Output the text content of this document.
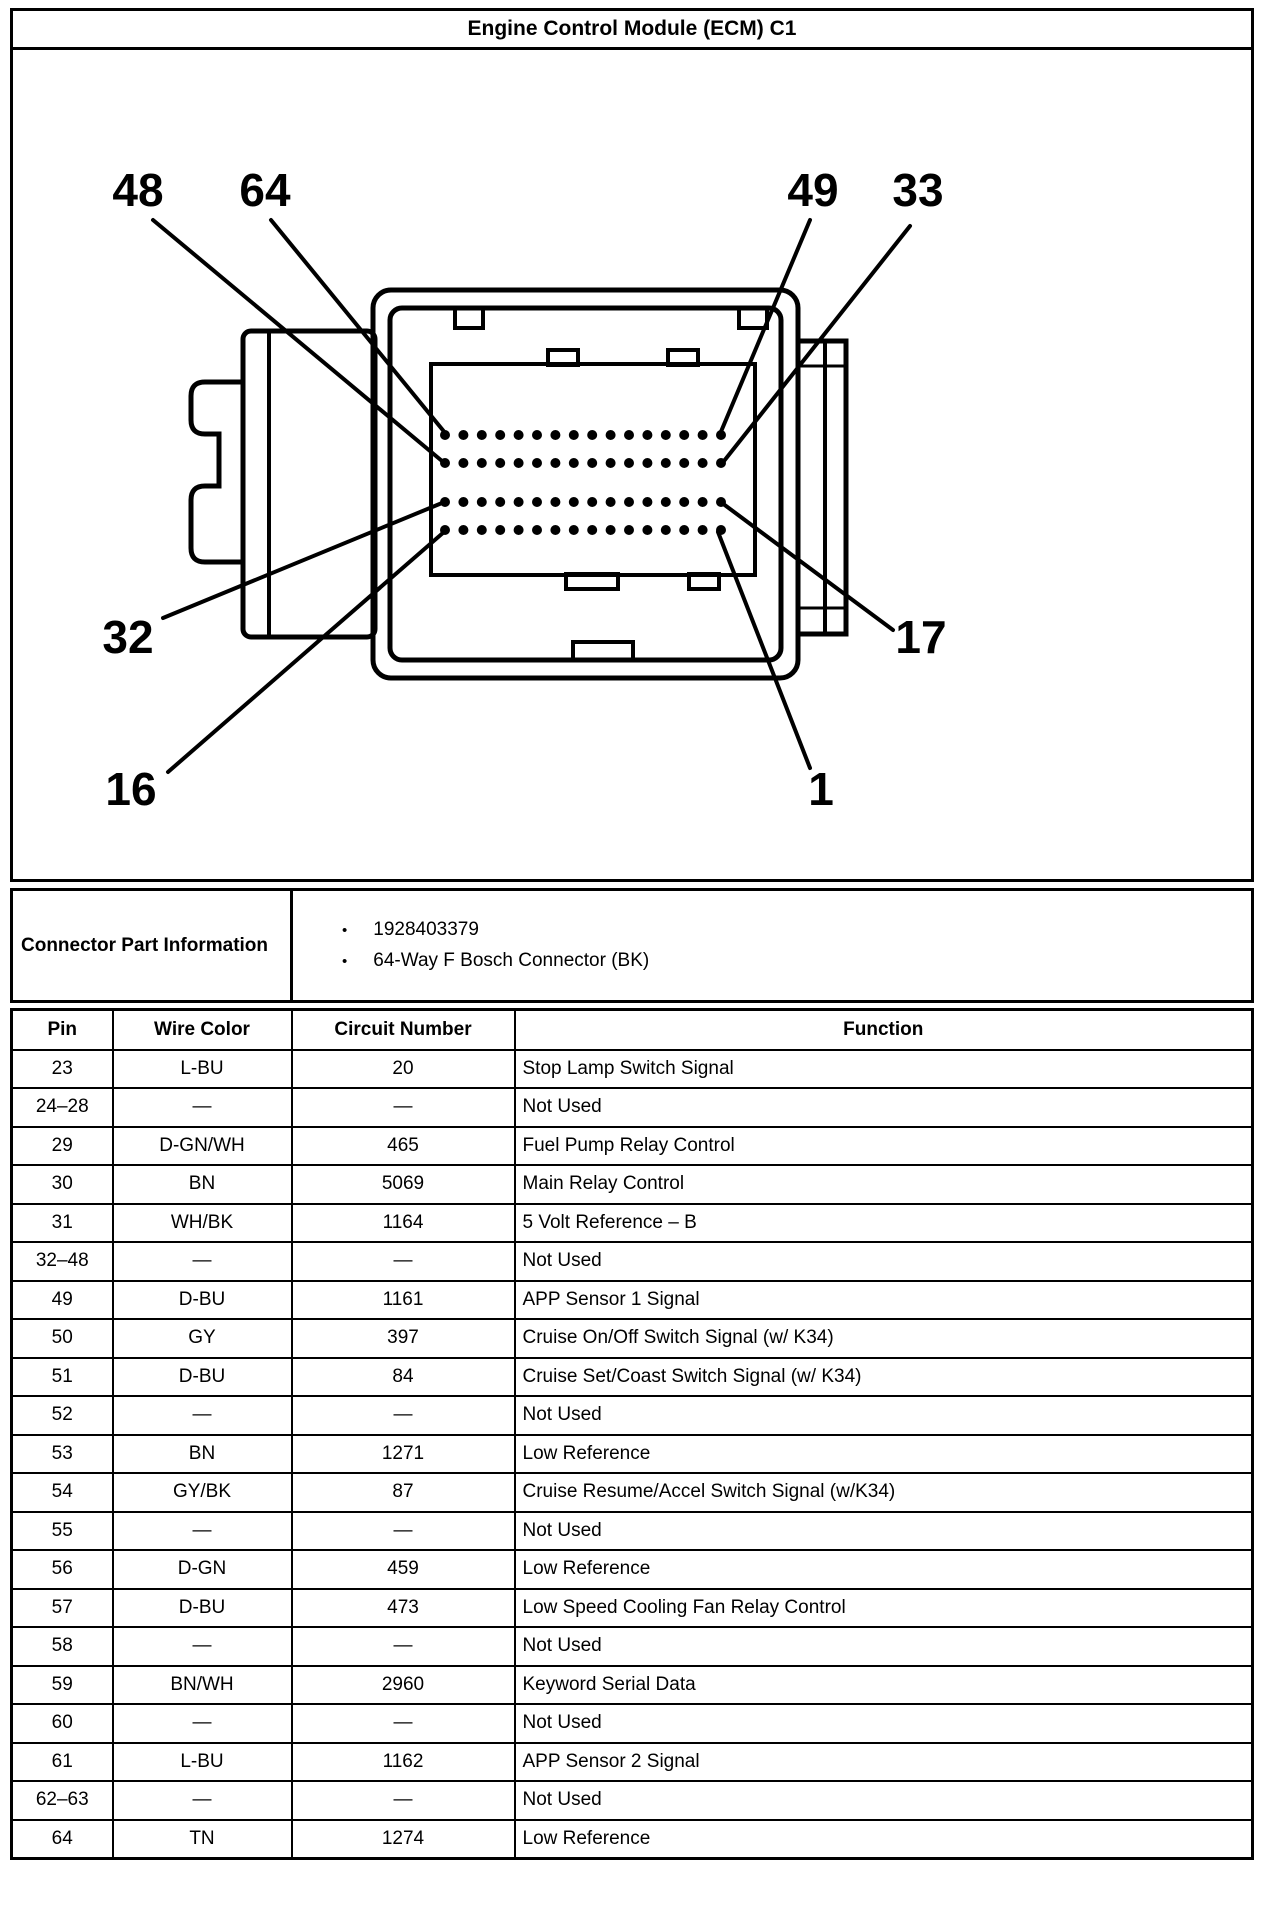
Engine Control Module (ECM) C1
48 64	49 33
32
16
17
1
Connector Part Information	
• 1928403379
• 64-Way F Bosch Connector (BK)
Pin	Wire Color	Circuit Number	Function
23	L-BU	20	Stop Lamp Switch Signal
24–28	—	—	Not Used
29	D-GN/WH	465	Fuel Pump Relay Control
30	BN	5069	Main Relay Control
31	WH/BK	1164	5 Volt Reference – B
32–48	—	—	Not Used
49	D-BU	1161	APP Sensor 1 Signal
50	GY	397	Cruise On/Off Switch Signal (w/ K34)
51	D-BU	84	Cruise Set/Coast Switch Signal (w/ K34)
52	—	—	Not Used
53	BN	1271	Low Reference
54	GY/BK	87	Cruise Resume/Accel Switch Signal (w/K34)
55	—	—	Not Used
56	D-GN	459	Low Reference
57	D-BU	473	Low Speed Cooling Fan Relay Control
58	—	—	Not Used
59	BN/WH	2960	Keyword Serial Data
60	—	—	Not Used
61	L-BU	1162	APP Sensor 2 Signal
62–63	—	—	Not Used
64	TN	1274	Low Reference
